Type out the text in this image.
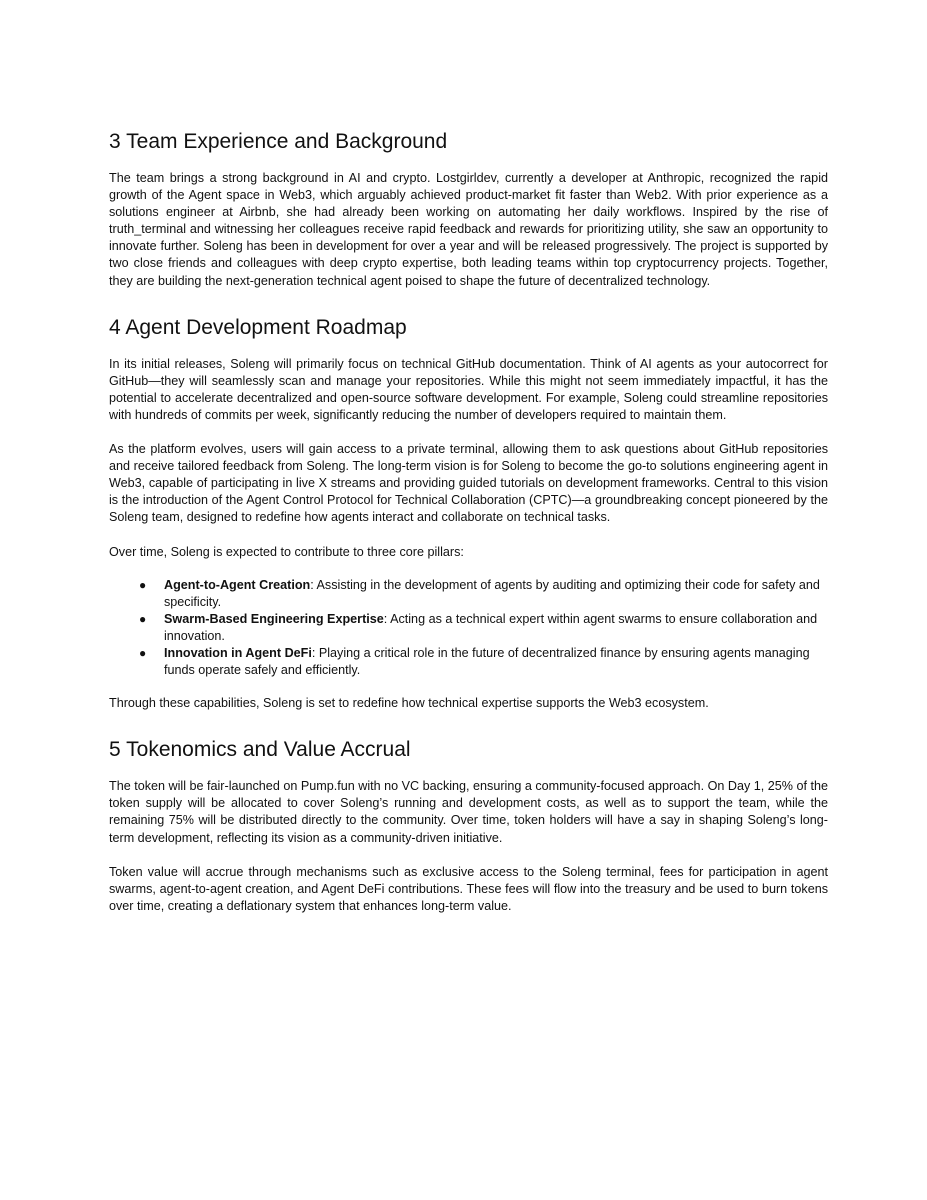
3 Team Experience and Background

The team brings a strong background in AI and crypto. Lostgirldev, currently a developer at Anthropic, recognized the rapid growth of the Agent space in Web3, which arguably achieved product-market fit faster than Web2. With prior experience as a solutions engineer at Airbnb, she had already been working on automating her daily workflows. Inspired by the rise of truth_terminal and witnessing her colleagues receive rapid feedback and rewards for prioritizing utility, she saw an opportunity to innovate further. Soleng has been in development for over a year and will be released progressively. The project is supported by two close friends and colleagues with deep crypto expertise, both leading teams within top cryptocurrency projects. Together, they are building the next-generation technical agent poised to shape the future of decentralized technology.

4 Agent Development Roadmap

In its initial releases, Soleng will primarily focus on technical GitHub documentation. Think of AI agents as your autocorrect for GitHub—they will seamlessly scan and manage your repositories. While this might not seem immediately impactful, it has the potential to accelerate decentralized and open-source software development. For example, Soleng could streamline repositories with hundreds of commits per week, significantly reducing the number of developers required to maintain them.

As the platform evolves, users will gain access to a private terminal, allowing them to ask questions about GitHub repositories and receive tailored feedback from Soleng. The long-term vision is for Soleng to become the go-to solutions engineering agent in Web3, capable of participating in live X streams and providing guided tutorials on development frameworks. Central to this vision is the introduction of the Agent Control Protocol for Technical Collaboration (CPTC)—a groundbreaking concept pioneered by the Soleng team, designed to redefine how agents interact and collaborate on technical tasks.

Over time, Soleng is expected to contribute to three core pillars:

● Agent-to-Agent Creation: Assisting in the development of agents by auditing and optimizing their code for safety and specificity.
● Swarm-Based Engineering Expertise: Acting as a technical expert within agent swarms to ensure collaboration and innovation.
● Innovation in Agent DeFi: Playing a critical role in the future of decentralized finance by ensuring agents managing funds operate safely and efficiently.

Through these capabilities, Soleng is set to redefine how technical expertise supports the Web3 ecosystem.

5 Tokenomics and Value Accrual

The token will be fair-launched on Pump.fun with no VC backing, ensuring a community-focused approach. On Day 1, 25% of the token supply will be allocated to cover Soleng’s running and development costs, as well as to support the team, while the remaining 75% will be distributed directly to the community. Over time, token holders will have a say in shaping Soleng’s long-term development, reflecting its vision as a community-driven initiative.

Token value will accrue through mechanisms such as exclusive access to the Soleng terminal, fees for participation in agent swarms, agent-to-agent creation, and Agent DeFi contributions. These fees will flow into the treasury and be used to burn tokens over time, creating a deflationary system that enhances long-term value.
